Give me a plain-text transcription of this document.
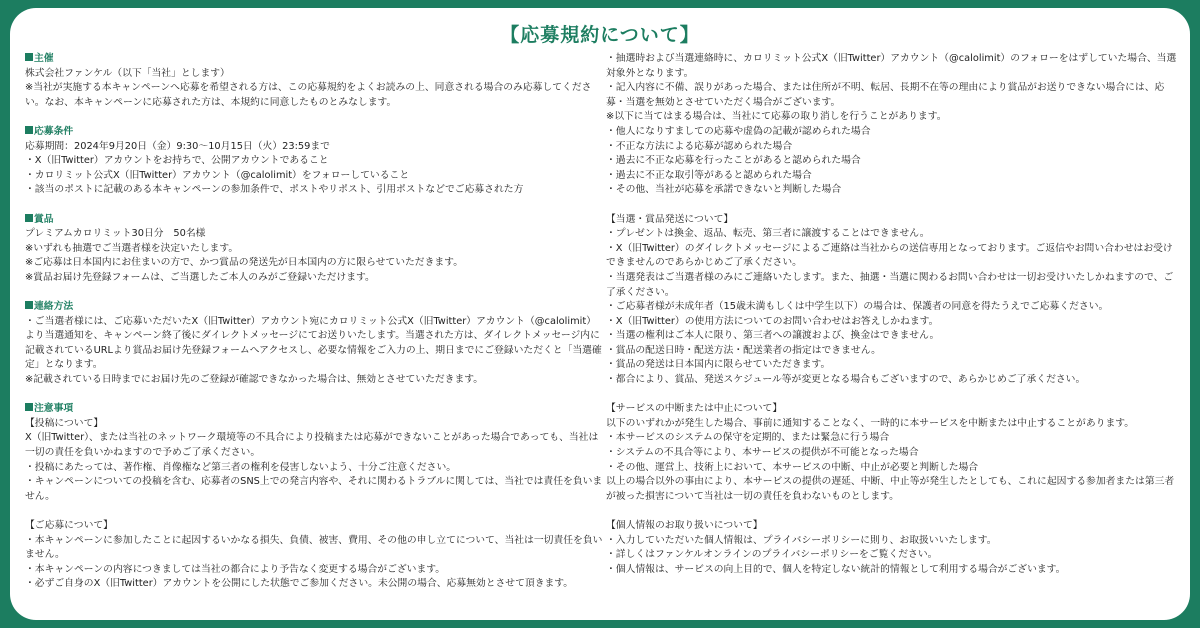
【応募規約について】
主催
株式会社ファンケル（以下「当社」とします）
※当社が実施する本キャンペーンへ応募を希望される方は、この応募規約をよくお読みの上、同意される場合のみ応募してください。なお、本キャンペーンに応募された方は、本規約に同意したものとみなします。
応募条件
応募期間：2024年9月20日（金）9:30〜10月15日（火）23:59まで
・X（旧Twitter）アカウントをお持ちで、公開アカウントであること
・カロリミット公式X（旧Twitter）アカウント（@calolimit）をフォローしていること
・該当のポストに記載のある本キャンペーンの参加条件で、ポストやリポスト、引用ポストなどでご応募された方
賞品
プレミアムカロリミット30日分　50名様
※いずれも抽選でご当選者様を決定いたします。
※ご応募は日本国内にお住まいの方で、かつ賞品の発送先が日本国内の方に限らせていただきます。
※賞品お届け先登録フォームは、ご当選したご本人のみがご登録いただけます。
連絡方法
・ご当選者様には、ご応募いただいたX（旧Twitter）アカウント宛にカロリミット公式X（旧Twitter）アカウント（@calolimit）より当選通知を、キャンペーン終了後にダイレクトメッセージにてお送りいたします。当選された方は、ダイレクトメッセージ内に記載されているURLより賞品お届け先登録フォームへアクセスし、必要な情報をご入力の上、期日までにご登録いただくと「当選確定」となります。
※記載されている日時までにお届け先のご登録が確認できなかった場合は、無効とさせていただきます。
注意事項
【投稿について】
X（旧Twitter）、または当社のネットワーク環境等の不具合により投稿または応募ができないことがあった場合であっても、当社は一切の責任を負いかねますので予めご了承ください。
・投稿にあたっては、著作権、肖像権など第三者の権利を侵害しないよう、十分ご注意ください。
・キャンペーンについての投稿を含む、応募者のSNS上での発言内容や、それに関わるトラブルに関しては、当社では責任を負いません。
【ご応募について】
・本キャンペーンに参加したことに起因するいかなる損失、負債、被害、費用、その他の申し立てについて、当社は一切責任を負いません。
・本キャンペーンの内容につきましては当社の都合により予告なく変更する場合がございます。
・必ずご自身のX（旧Twitter）アカウントを公開にした状態でご参加ください。未公開の場合、応募無効とさせて頂きます。
・抽選時および当選連絡時に、カロリミット公式X（旧Twitter）アカウント（@calolimit）のフォローをはずしていた場合、当選対象外となります。
・記入内容に不備、誤りがあった場合、または住所が不明、転居、長期不在等の理由により賞品がお送りできない場合には、応募・当選を無効とさせていただく場合がございます。
※以下に当てはまる場合は、当社にて応募の取り消しを行うことがあります。
・他人になりすましての応募や虚偽の記載が認められた場合
・不正な方法による応募が認められた場合
・過去に不正な応募を行ったことがあると認められた場合
・過去に不正な取引等があると認められた場合
・その他、当社が応募を承諾できないと判断した場合
【当選・賞品発送について】
・プレゼントは換金、返品、転売、第三者に譲渡することはできません。
・X（旧Twitter）のダイレクトメッセージによるご連絡は当社からの送信専用となっております。ご返信やお問い合わせはお受けできませんのであらかじめご了承ください。
・当選発表はご当選者様のみにご連絡いたします。また、抽選・当選に関わるお問い合わせは一切お受けいたしかねますので、ご了承ください。
・ご応募者様が未成年者（15歳未満もしくは中学生以下）の場合は、保護者の同意を得たうえでご応募ください。
・X（旧Twitter）の使用方法についてのお問い合わせはお答えしかねます。
・当選の権利はご本人に限り、第三者への譲渡および、換金はできません。
・賞品の配送日時・配送方法・配送業者の指定はできません。
・賞品の発送は日本国内に限らせていただきます。
・都合により、賞品、発送スケジュール等が変更となる場合もございますので、あらかじめご了承ください。
【サービスの中断または中止について】
以下のいずれかが発生した場合、事前に通知することなく、一時的に本サービスを中断または中止することがあります。
・本サービスのシステムの保守を定期的、または緊急に行う場合
・システムの不具合等により、本サービスの提供が不可能となった場合
・その他、運営上、技術上において、本サービスの中断、中止が必要と判断した場合
以上の場合以外の事由により、本サービスの提供の遅延、中断、中止等が発生したとしても、これに起因する参加者または第三者が被った損害について当社は一切の責任を負わないものとします。
【個人情報のお取り扱いについて】
・入力していただいた個人情報は、プライバシーポリシーに則り、お取扱いいたします。
・詳しくはファンケルオンラインのプライバシーポリシーをご覧ください。
・個人情報は、サービスの向上目的で、個人を特定しない統計的情報として利用する場合がございます。
